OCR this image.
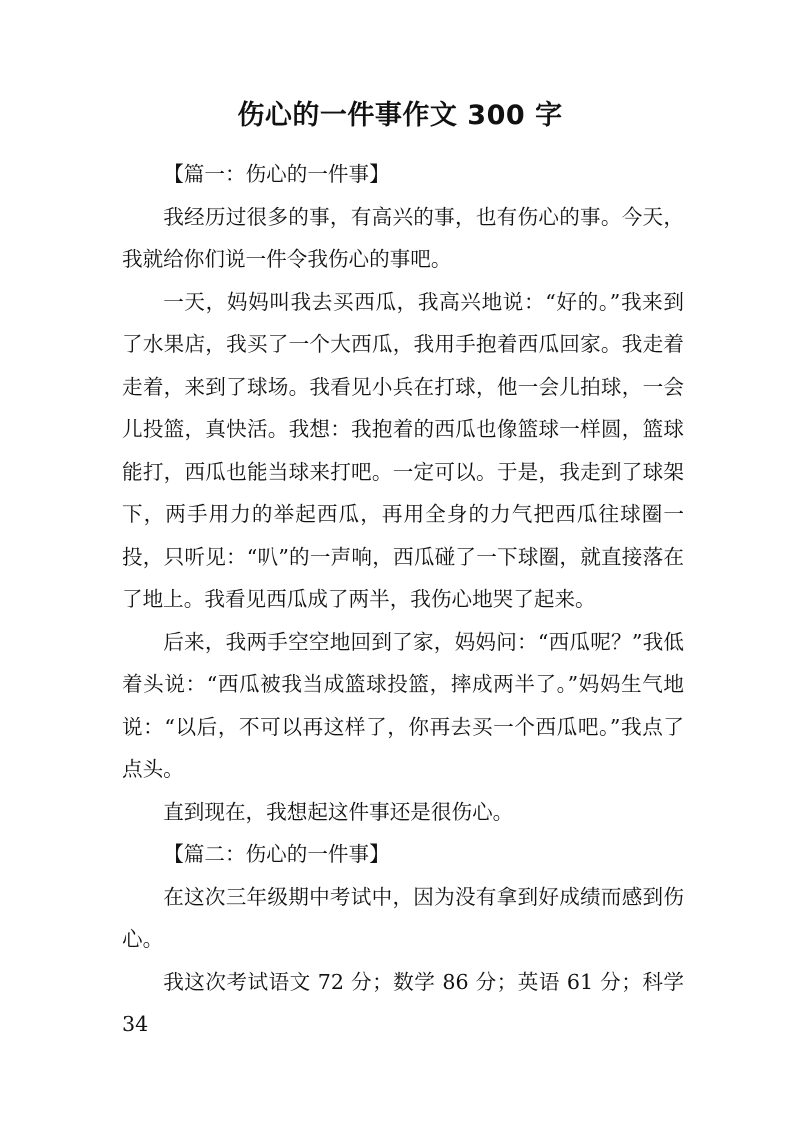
伤心的一件事作文 300 字

【篇一：伤心的一件事】

我经历过很多的事，有高兴的事，也有伤心的事。今天，我就给你们说一件令我伤心的事吧。

一天，妈妈叫我去买西瓜，我高兴地说：“好的。”我来到了水果店，我买了一个大西瓜，我用手抱着西瓜回家。我走着走着，来到了球场。我看见小兵在打球，他一会儿拍球，一会儿投篮，真快活。我想：我抱着的西瓜也像篮球一样圆，篮球能打，西瓜也能当球来打吧。一定可以。于是，我走到了球架下，两手用力的举起西瓜，再用全身的力气把西瓜往球圈一投，只听见：“叭”的一声响，西瓜碰了一下球圈，就直接落在了地上。我看见西瓜成了两半，我伤心地哭了起来。

后来，我两手空空地回到了家，妈妈问：“西瓜呢？”我低着头说：“西瓜被我当成篮球投篮，摔成两半了。”妈妈生气地说：“以后，不可以再这样了，你再去买一个西瓜吧。”我点了点头。

直到现在，我想起这件事还是很伤心。

【篇二：伤心的一件事】

在这次三年级期中考试中，因为没有拿到好成绩而感到伤心。

我这次考试语文 72 分；数学 86 分；英语 61 分；科学 34
